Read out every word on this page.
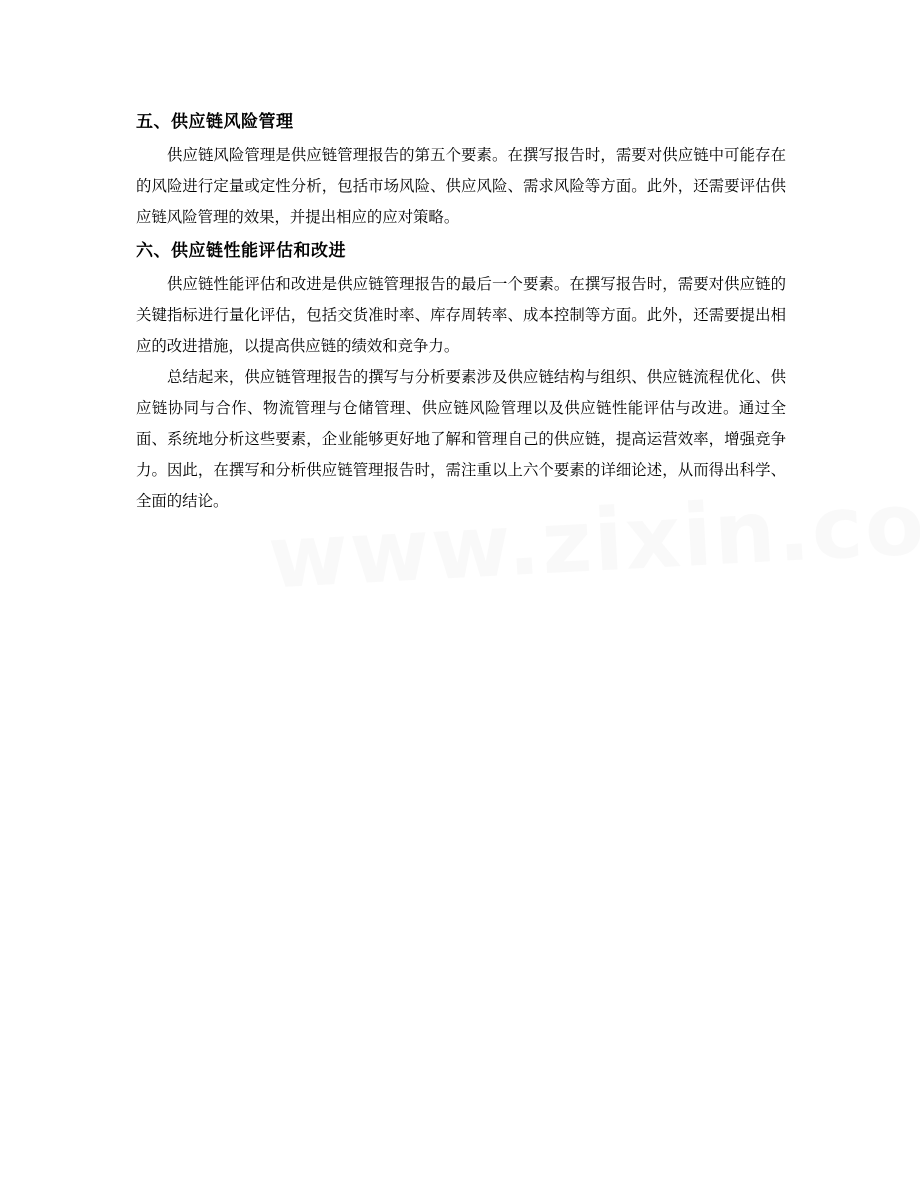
五、供应链风险管理

供应链风险管理是供应链管理报告的第五个要素。在撰写报告时，需要对供应链中可能存在的风险进行定量或定性分析，包括市场风险、供应风险、需求风险等方面。此外，还需要评估供应链风险管理的效果，并提出相应的应对策略。

六、供应链性能评估和改进

供应链性能评估和改进是供应链管理报告的最后一个要素。在撰写报告时，需要对供应链的关键指标进行量化评估，包括交货准时率、库存周转率、成本控制等方面。此外，还需要提出相应的改进措施，以提高供应链的绩效和竞争力。

总结起来，供应链管理报告的撰写与分析要素涉及供应链结构与组织、供应链流程优化、供应链协同与合作、物流管理与仓储管理、供应链风险管理以及供应链性能评估与改进。通过全面、系统地分析这些要素，企业能够更好地了解和管理自己的供应链，提高运营效率，增强竞争力。因此，在撰写和分析供应链管理报告时，需注重以上六个要素的详细论述，从而得出科学、全面的结论。
